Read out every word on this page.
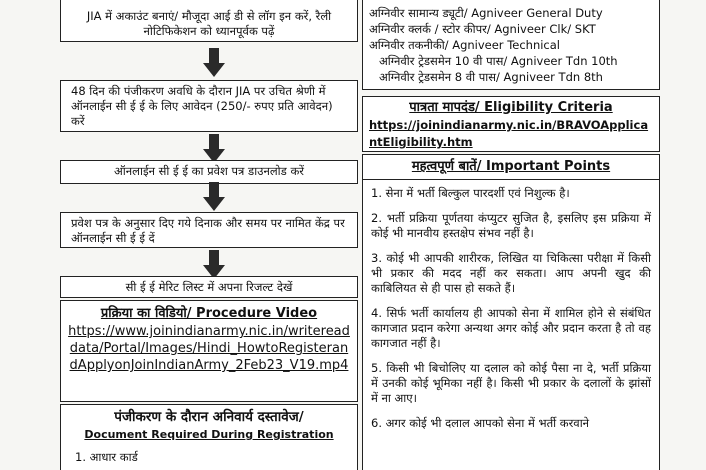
JIA में अकाउंट बनाएं/ मौजूदा आई डी से लॉग इन करें, रैली नोटिफिकेशन को ध्यानपूर्वक पढ़ें
48 दिन की पंजीकरण अवधि के दौरान JIA पर उचित श्रेणी में ऑनलाईन सी ई ई के लिए आवेदन (250/- रुपए प्रति आवेदन) करें
ऑनलाईन सी ई ई का प्रवेश पत्र डाउनलोड करें
प्रवेश पत्र के अनुसार दिए गये दिनाक और समय पर नामित केंद्र पर ऑनलाईन सी ई ई दें
सी ई ई मेरिट लिस्ट में अपना रिजल्ट देखें
प्रक्रिया का विडियो/ Procedure Video
https://www.joinindianarmy.nic.in/writereaddata/Portal/Images/Hindi_HowtoRegisterandApplyonJoinIndianArmy_2Feb23_V19.mp4
पंजीकरण के दौरान अनिवार्य दस्तावेज/
Document Required During Registration
1. आधार कार्ड
अग्निवीर सामान्य ड्यूटी/ Agniveer General Duty
अग्निवीर क्लर्क / स्टोर कीपर/ Agniveer Clk/ SKT
अग्निवीर तकनीकी/ Agniveer Technical
अग्निवीर ट्रेडसमेन 10 वी पास/ Agniveer Tdn 10th
अग्निवीर ट्रेडसमेन 8 वी पास/ Agniveer Tdn 8th
पात्रता मापदंड/ Eligibility Criteria
https://joinindianarmy.nic.in/BRAVOApplicantEligibility.htm
महत्वपूर्ण बातें/ Important Points
1. सेना में भर्ती बिल्कुल पारदर्शी एवं निशुल्क है।
2. भर्ती प्रक्रिया पूर्णतया कंप्युटर सुजित है, इसलिए इस प्रक्रिया में कोई भी मानवीय हस्तक्षेप संभव नहीं है।
3. कोई भी आपकी शारीरक, लिखित या चिकित्सा परीक्षा में किसी भी प्रकार की मदद नहीं कर सकता। आप अपनी खुद की काबिलियत से ही पास हो सकते हैं।
4. सिर्फ भर्ती कार्यालय ही आपको सेना में शामिल होने से संबंधित कागजात प्रदान करेगा अन्यथा अगर कोई और प्रदान करता है तो वह कागजात नहीं है।
5. किसी भी बिचोलिए या दलाल को कोई पैसा ना दे, भर्ती प्रक्रिया में उनकी कोई भूमिका नहीं है। किसी भी प्रकार के दलालों के झांसों में ना आए।
6. अगर कोई भी दलाल आपको सेना में भर्ती करवाने
